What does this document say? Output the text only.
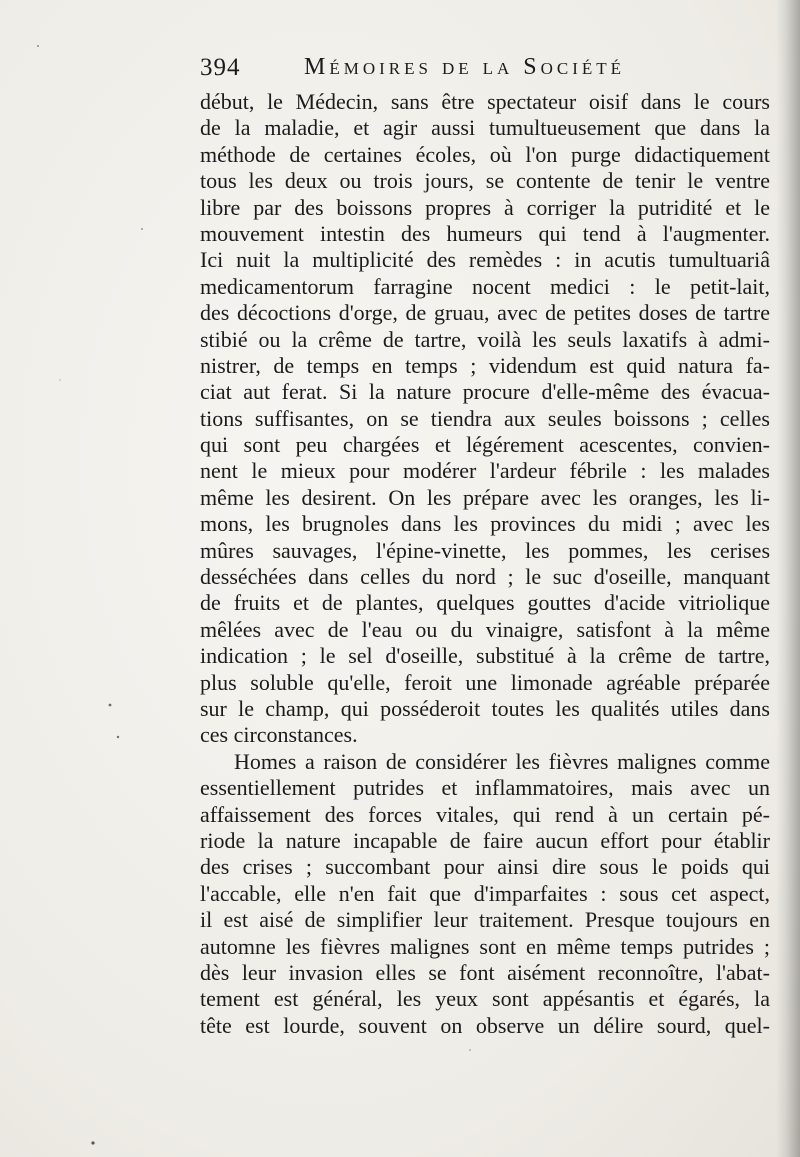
394	Mémoires de la Société
début, le Médecin, sans être spectateur oisif dans le cours
de la maladie, et agir aussi tumultueusement que dans la
méthode de certaines écoles, où l'on purge didactiquement
tous les deux ou trois jours, se contente de tenir le ventre
libre par des boissons propres à corriger la putridité et le
mouvement intestin des humeurs qui tend à l'augmenter.
Ici nuit la multiplicité des remèdes : in acutis tumultuariâ
medicamentorum farragine nocent medici : le petit-lait,
des décoctions d'orge, de gruau, avec de petites doses de tartre
stibié ou la crême de tartre, voilà les seuls laxatifs à admi-
nistrer, de temps en temps ; videndum est quid natura fa-
ciat aut ferat. Si la nature procure d'elle-même des évacua-
tions suffisantes, on se tiendra aux seules boissons ; celles
qui sont peu chargées et légérement acescentes, convien-
nent le mieux pour modérer l'ardeur fébrile : les malades
même les desirent. On les prépare avec les oranges, les li-
mons, les brugnoles dans les provinces du midi ; avec les
mûres sauvages, l'épine-vinette, les pommes, les cerises
desséchées dans celles du nord ; le suc d'oseille, manquant
de fruits et de plantes, quelques gouttes d'acide vitriolique
mêlées avec de l'eau ou du vinaigre, satisfont à la même
indication ; le sel d'oseille, substitué à la crême de tartre,
plus soluble qu'elle, feroit une limonade agréable préparée
sur le champ, qui posséderoit toutes les qualités utiles dans
ces circonstances.
Homes a raison de considérer les fièvres malignes comme
essentiellement putrides et inflammatoires, mais avec un
affaissement des forces vitales, qui rend à un certain pé-
riode la nature incapable de faire aucun effort pour établir
des crises ; succombant pour ainsi dire sous le poids qui
l'accable, elle n'en fait que d'imparfaites : sous cet aspect,
il est aisé de simplifier leur traitement. Presque toujours en
automne les fièvres malignes sont en même temps putrides ;
dès leur invasion elles se font aisément reconnoître, l'abat-
tement est général, les yeux sont appésantis et égarés, la
tête est lourde, souvent on observe un délire sourd, quel-
